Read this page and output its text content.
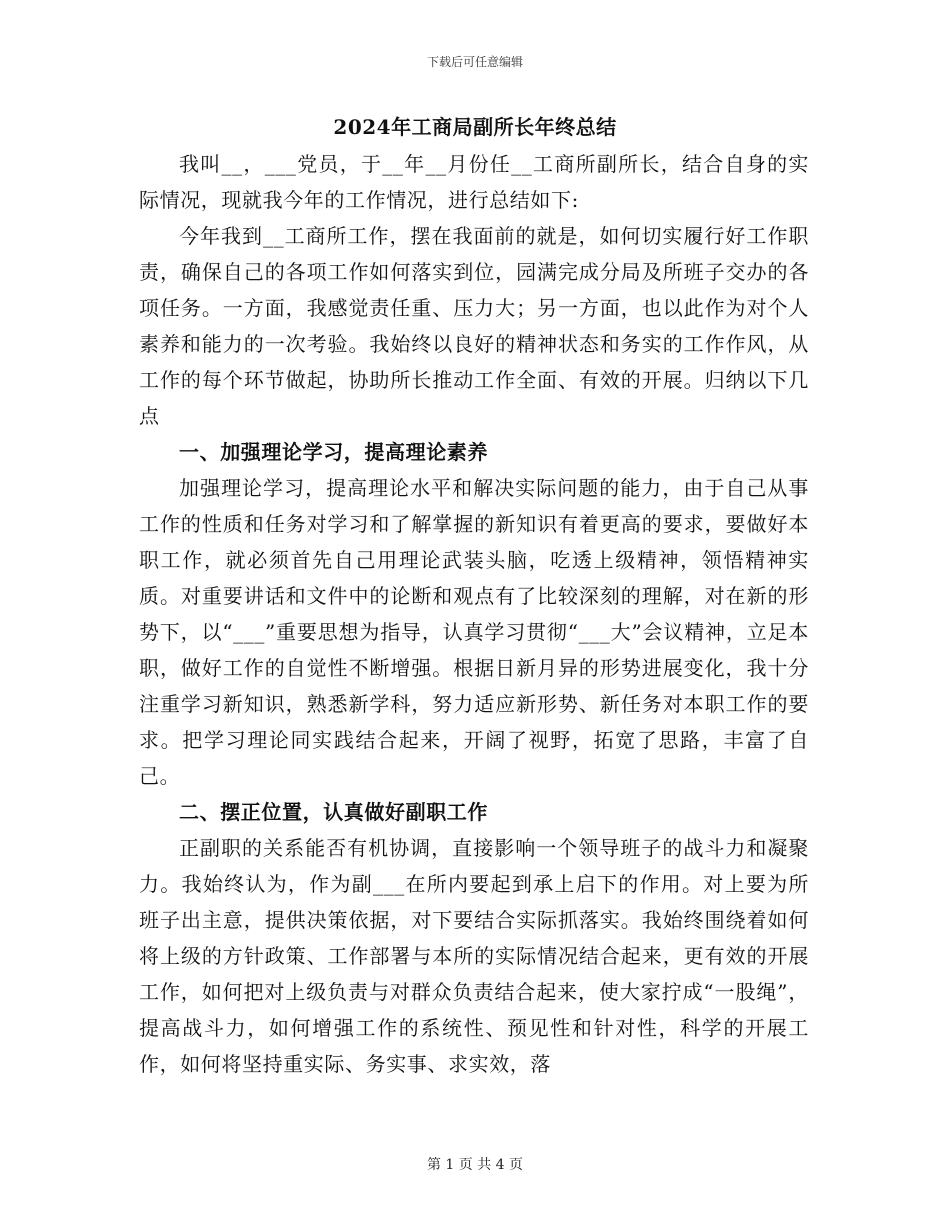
下载后可任意编辑
2024年工商局副所长年终总结

我叫__，___党员，于__年__月份任__工商所副所长，结合自身的实际情况，现就我今年的工作情况，进行总结如下:

今年我到__工商所工作，摆在我面前的就是，如何切实履行好工作职责，确保自己的各项工作如何落实到位，园满完成分局及所班子交办的各项任务。一方面，我感觉责任重、压力大；另一方面，也以此作为对个人素养和能力的一次考验。我始终以良好的精神状态和务实的工作作风，从工作的每个环节做起，协助所长推动工作全面、有效的开展。归纳以下几点

一、加强理论学习，提高理论素养

加强理论学习，提高理论水平和解决实际问题的能力，由于自己从事工作的性质和任务对学习和了解掌握的新知识有着更高的要求，要做好本职工作，就必须首先自己用理论武装头脑，吃透上级精神，领悟精神实质。对重要讲话和文件中的论断和观点有了比较深刻的理解，对在新的形势下，以“___”重要思想为指导，认真学习贯彻“___大”会议精神，立足本职，做好工作的自觉性不断增强。根据日新月异的形势进展变化，我十分注重学习新知识，熟悉新学科，努力适应新形势、新任务对本职工作的要求。把学习理论同实践结合起来，开阔了视野，拓宽了思路，丰富了自己。

二、摆正位置，认真做好副职工作

正副职的关系能否有机协调，直接影响一个领导班子的战斗力和凝聚力。我始终认为，作为副___在所内要起到承上启下的作用。对上要为所班子出主意，提供决策依据，对下要结合实际抓落实。我始终围绕着如何将上级的方针政策、工作部署与本所的实际情况结合起来，更有效的开展工作，如何把对上级负责与对群众负责结合起来，使大家拧成“一股绳”，提高战斗力，如何增强工作的系统性、预见性和针对性，科学的开展工作，如何将坚持重实际、务实事、求实效，落

第 1 页 共 4 页
